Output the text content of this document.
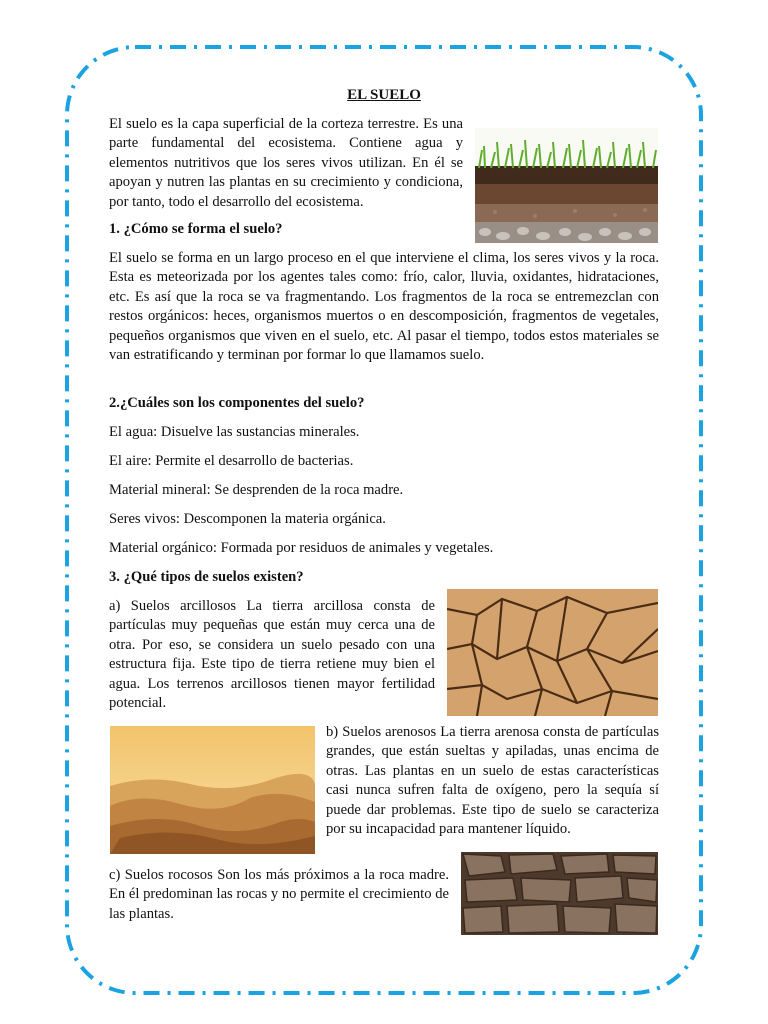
EL SUELO

El suelo es la capa superficial de la corteza terrestre. Es una parte fundamental del ecosistema. Contiene agua y elementos nutritivos que los seres vivos utilizan. En él se apoyan y nutren las plantas en su crecimiento y condiciona, por tanto, todo el desarrollo del ecosistema.

1. ¿Cómo se forma el suelo?

El suelo se forma en un largo proceso en el que interviene el clima, los seres vivos y la roca. Esta es meteorizada por los agentes tales como: frío, calor, lluvia, oxidantes, hidrataciones, etc. Es así que la roca se va fragmentando. Los fragmentos de la roca se entremezclan con restos orgánicos: heces, organismos muertos o en descomposición, fragmentos de vegetales, pequeños organismos que viven en el suelo, etc. Al pasar el tiempo, todos estos materiales se van estratificando y terminan por formar lo que llamamos suelo.

2.¿Cuáles son los componentes del suelo?

El agua: Disuelve las sustancias minerales.

El aire: Permite el desarrollo de bacterias.

Material mineral: Se desprenden de la roca madre.

Seres vivos: Descomponen la materia orgánica.

Material orgánico: Formada por residuos de animales y vegetales.

3. ¿Qué tipos de suelos existen?

a) Suelos arcillosos La tierra arcillosa consta de partículas muy pequeñas que están muy cerca una de otra. Por eso, se considera un suelo pesado con una estructura fija. Este tipo de tierra retiene muy bien el agua. Los terrenos arcillosos tienen mayor fertilidad potencial.

b) Suelos arenosos La tierra arenosa consta de partículas grandes, que están sueltas y apiladas, unas encima de otras. Las plantas en un suelo de estas características casi nunca sufren falta de oxígeno, pero la sequía sí puede dar problemas. Este tipo de suelo se caracteriza por su incapacidad para mantener líquido.

c) Suelos rocosos Son los más próximos a la roca madre. En él predominan las rocas y no permite el crecimiento de las plantas.
